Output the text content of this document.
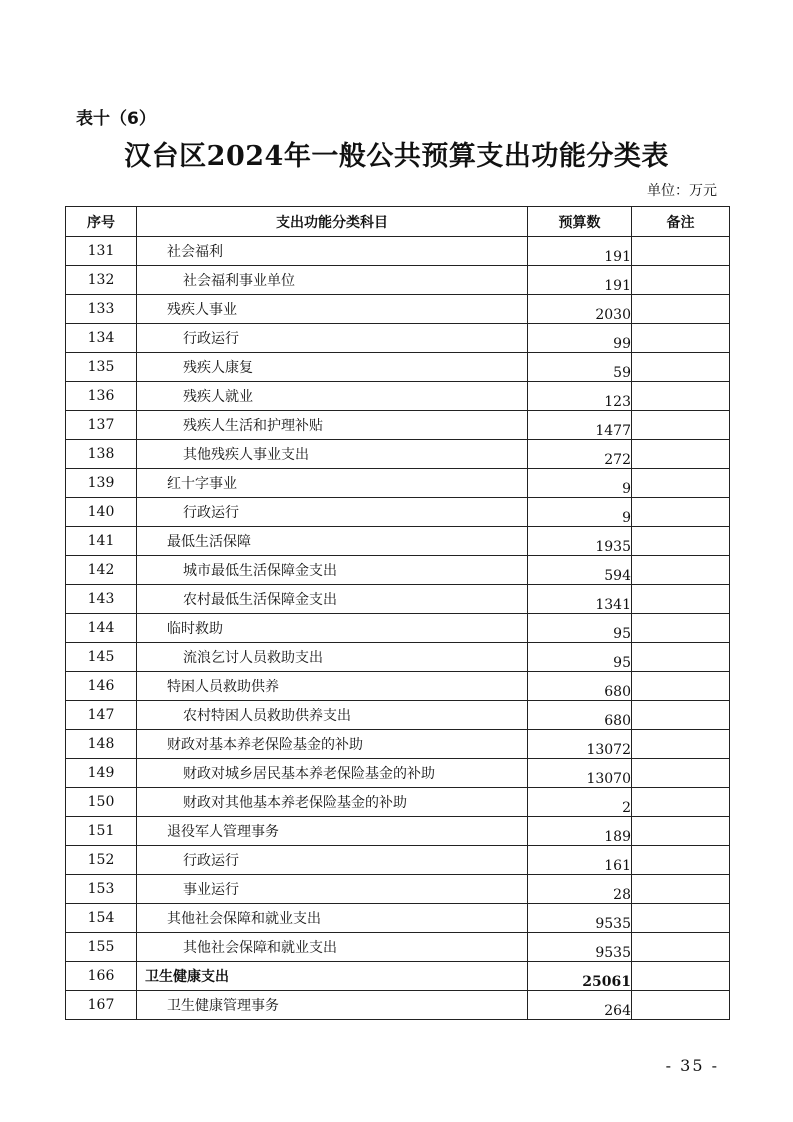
表十（6）
汉台区2024年一般公共预算支出功能分类表
单位：万元
序号	支出功能分类科目	预算数	备注
131	社会福利	191	
132	社会福利事业单位	191	
133	残疾人事业	2030	
134	行政运行	99	
135	残疾人康复	59	
136	残疾人就业	123	
137	残疾人生活和护理补贴	1477	
138	其他残疾人事业支出	272	
139	红十字事业	9	
140	行政运行	9	
141	最低生活保障	1935	
142	城市最低生活保障金支出	594	
143	农村最低生活保障金支出	1341	
144	临时救助	95	
145	流浪乞讨人员救助支出	95	
146	特困人员救助供养	680	
147	农村特困人员救助供养支出	680	
148	财政对基本养老保险基金的补助	13072	
149	财政对城乡居民基本养老保险基金的补助	13070	
150	财政对其他基本养老保险基金的补助	2	
151	退役军人管理事务	189	
152	行政运行	161	
153	事业运行	28	
154	其他社会保障和就业支出	9535	
155	其他社会保障和就业支出	9535	
166	卫生健康支出	25061	
167	卫生健康管理事务	264	
- 35 -
